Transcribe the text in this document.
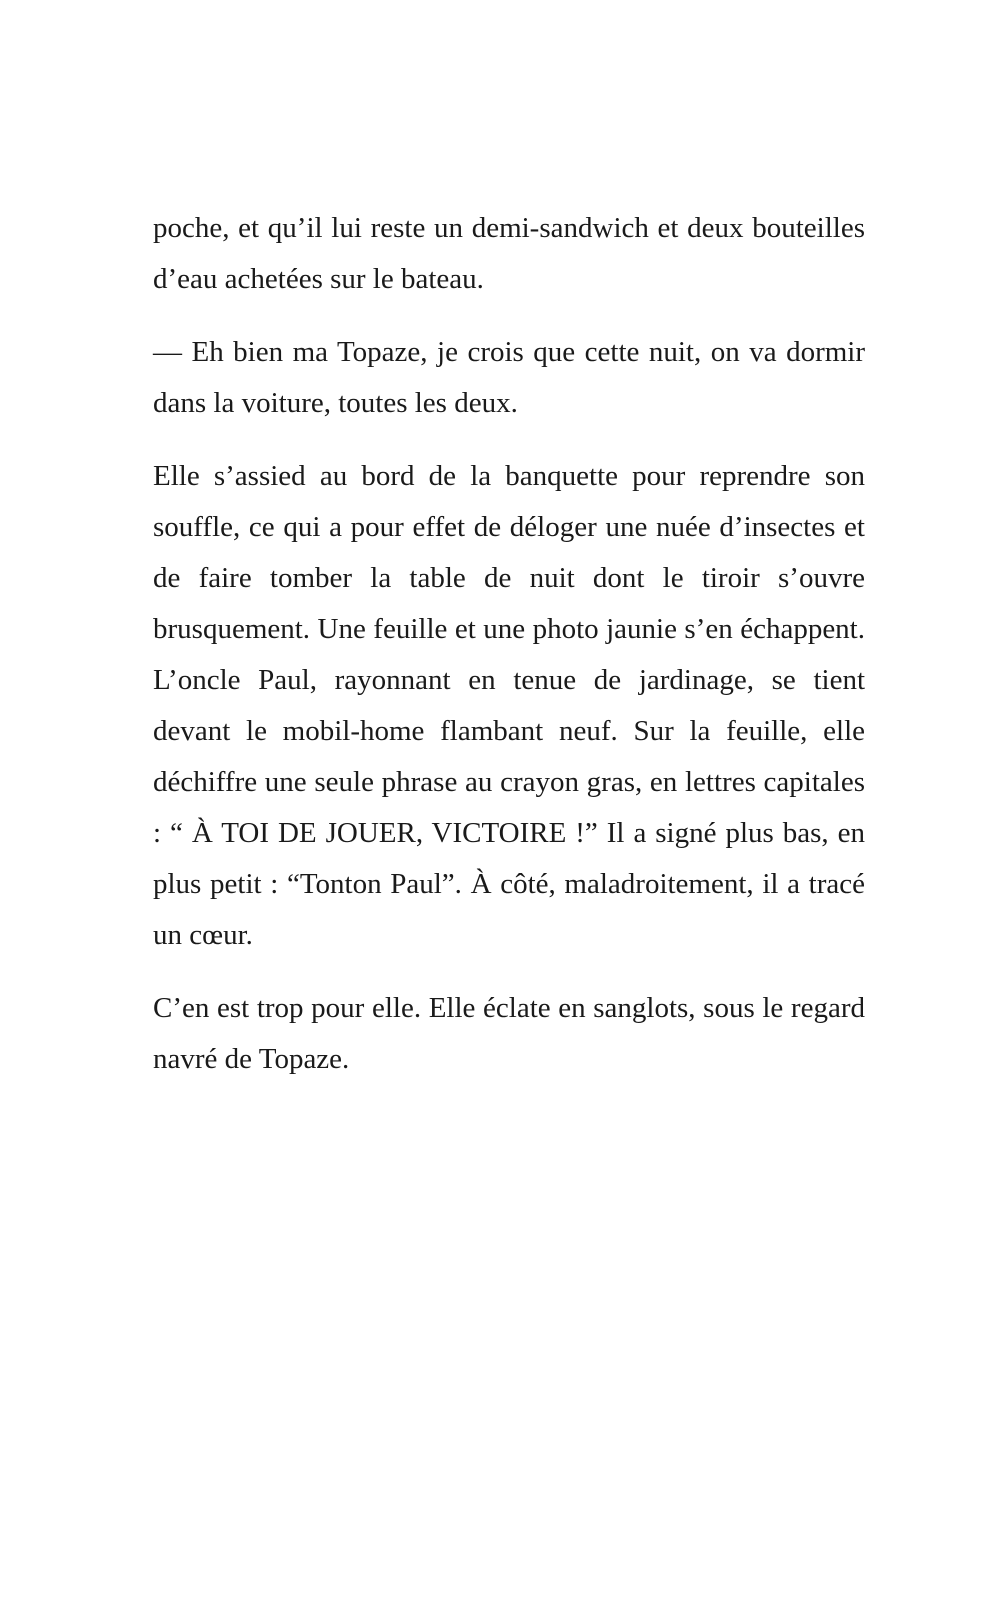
poche, et qu’il lui reste un demi-sandwich et deux bouteilles d’eau achetées sur le bateau.

— Eh bien ma Topaze, je crois que cette nuit, on va dormir dans la voiture, toutes les deux.

Elle s’assied au bord de la banquette pour reprendre son souffle, ce qui a pour effet de déloger une nuée d’insectes et de faire tomber la table de nuit dont le tiroir s’ouvre brusquement. Une feuille et une photo jaunie s’en échappent. L’oncle Paul, rayonnant en tenue de jardinage, se tient devant le mobil-home flambant neuf. Sur la feuille, elle déchiffre une seule phrase au crayon gras, en lettres capitales : “ À TOI DE JOUER, VICTOIRE !” Il a signé plus bas, en plus petit : “Tonton Paul”. À côté, maladroitement, il a tracé un cœur.

C’en est trop pour elle. Elle éclate en sanglots, sous le regard navré de Topaze.
